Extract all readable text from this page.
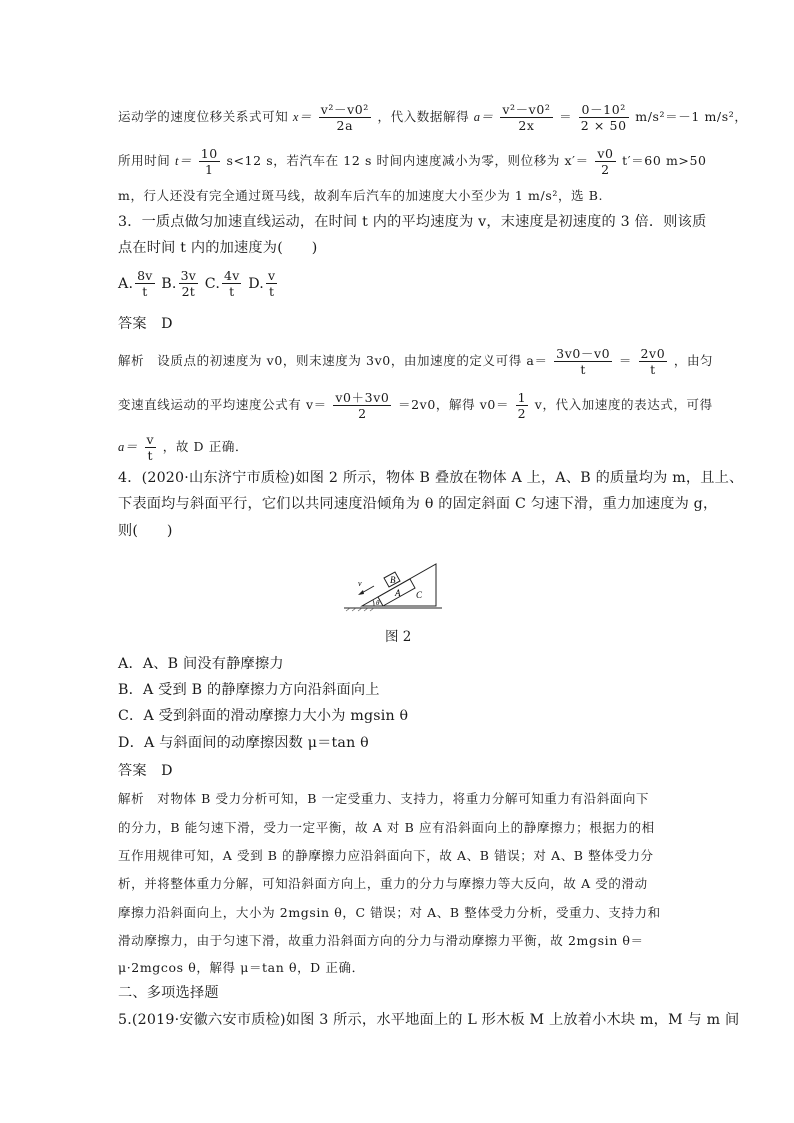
运动学的速度位移关系式可知 $x= \frac{\text{v²－v0²}}{2a}$ ，代入数据解得 $a= \frac{\text{v²－v0²}}{2x} = \frac{\text{0－10²}}{2 \times 50} m/s^2=-1$ m/s²，
所用时间 $t= \frac{10}{1} s<12$ s，若汽车在 12 s 时间内速度减小为零，则位移为 $x'= \frac{v0}{2} t'=60$ m>50
m，行人还没有完全通过斑马线，故刹车后汽车的加速度大小至少为 1 m/s²，选 B.
3．一质点做匀加速直线运动，在时间 t 内的平均速度为 v，末速度是初速度的 3 倍．则该质
点在时间 t 内的加速度为(　　)
A. $\frac{8v}{t} B$. $\frac{3v}{2t} C$. $\frac{4v}{t} D$. $\frac{v}{t}$
答案　D
解析　设质点的初速度为 v0，则末速度为 3v0，由加速度的定义可得 $a= \frac{3v0-v0}{t} = \frac{2v0}{t}$ ，由匀
变速直线运动的平均速度公式有 $v= \frac{v0+3v0}{2} =2v0$，解得 $v0= \frac{1}{2}$ v，代入加速度的表达式，可得
$a= \frac{v}{t}$ ，故 D 正确．
4．(2020·山东济宁市质检)如图 2 所示，物体 B 叠放在物体 A 上，A、B 的质量均为 m，且上、
下表面均与斜面平行，它们以共同速度沿倾角为 θ 的固定斜面 C 匀速下滑，重力加速度为 g，
则(　　)
B
A C
v
θ
图 2
A．A、B 间没有静摩擦力
B．A 受到 B 的静摩擦力方向沿斜面向上
C．A 受到斜面的滑动摩擦力大小为 mgsin θ
D．A 与斜面间的动摩擦因数 μ＝tan θ
答案　D
解析　对物体 B 受力分析可知，B 一定受重力、支持力，将重力分解可知重力有沿斜面向下
的分力，B 能匀速下滑，受力一定平衡，故 A 对 B 应有沿斜面向上的静摩擦力；根据力的相
互作用规律可知，A 受到 B 的静摩擦力应沿斜面向下，故 A、B 错误；对 A、B 整体受力分
析，并将整体重力分解，可知沿斜面方向上，重力的分力与摩擦力等大反向，故 A 受的滑动
摩擦力沿斜面向上，大小为 2mgsin θ，C 错误；对 A、B 整体受力分析，受重力、支持力和
滑动摩擦力，由于匀速下滑，故重力沿斜面方向的分力与滑动摩擦力平衡，故 2mgsin θ＝
μ·2mgcos θ，解得 μ＝tan θ，D 正确．
二、多项选择题
5.(2019·安徽六安市质检)如图 3 所示，水平地面上的 L 形木板 M 上放着小木块 m，M 与 m 间
